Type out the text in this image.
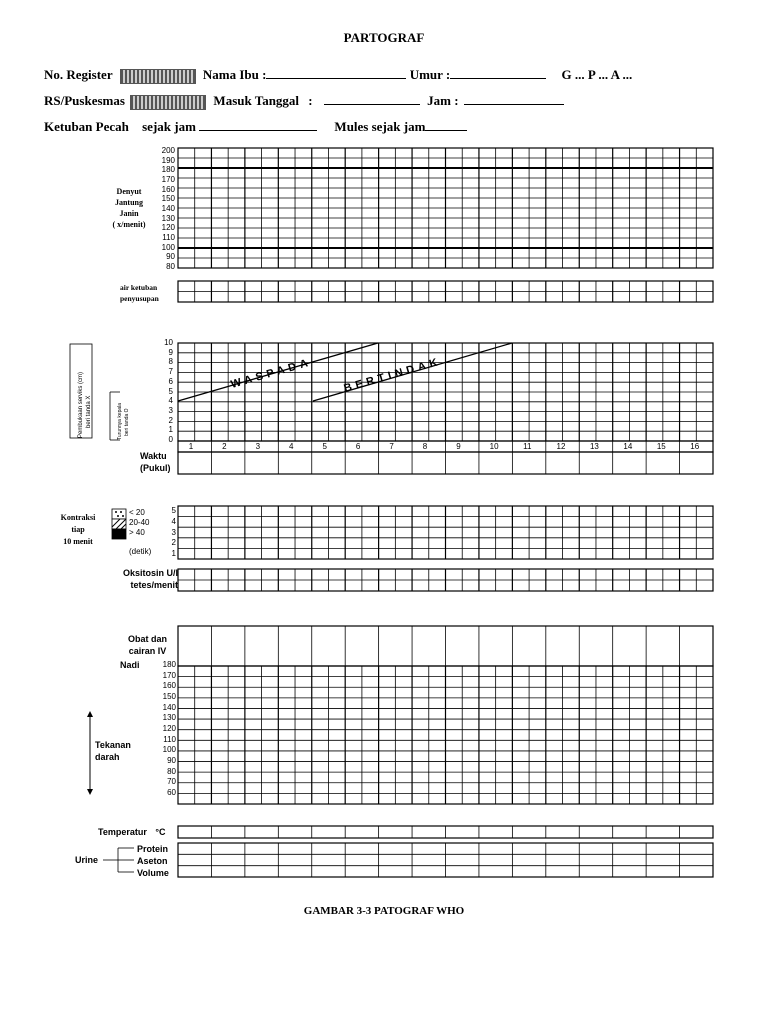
PARTOGRAF
No. Register	Nama Ibu :	Umur :	G ... P ... A ...
RS/Puskesmas	Masuk Tanggal :	Jam :
Ketuban Pecah sejak jam	Mules sejak jam
Denyut
Jantung
Janin
( x/menit)
200
190
180
170
160
150
140
130
120
110
100
90
80
WASPADA	BERTINDAK
Pembukaan serviks (cm) beri tanda X	Turunnya kepala beri tanda O
air ketuban
penyusupan
10
9
8
7
6
5
4
3
2
1
0
1	2	3	4	5	6	7	8	9	10	11	12	13	14	15	16
Waktu
(Pukul)
Kontraksi
tiap
10 menit
< 20
20-40
> 40
(detik)
5
4
3
2
1
Oksitosin U/l
tetes/menit
Obat dan
cairan IV
Nadi
Tekanan
darah
180
170
160
150
140
130
120
110
100
90
80
70
60
Temperatur °C
Urine
Protein
Aseton
Volume
GAMBAR 3-3 PATOGRAF WHO
